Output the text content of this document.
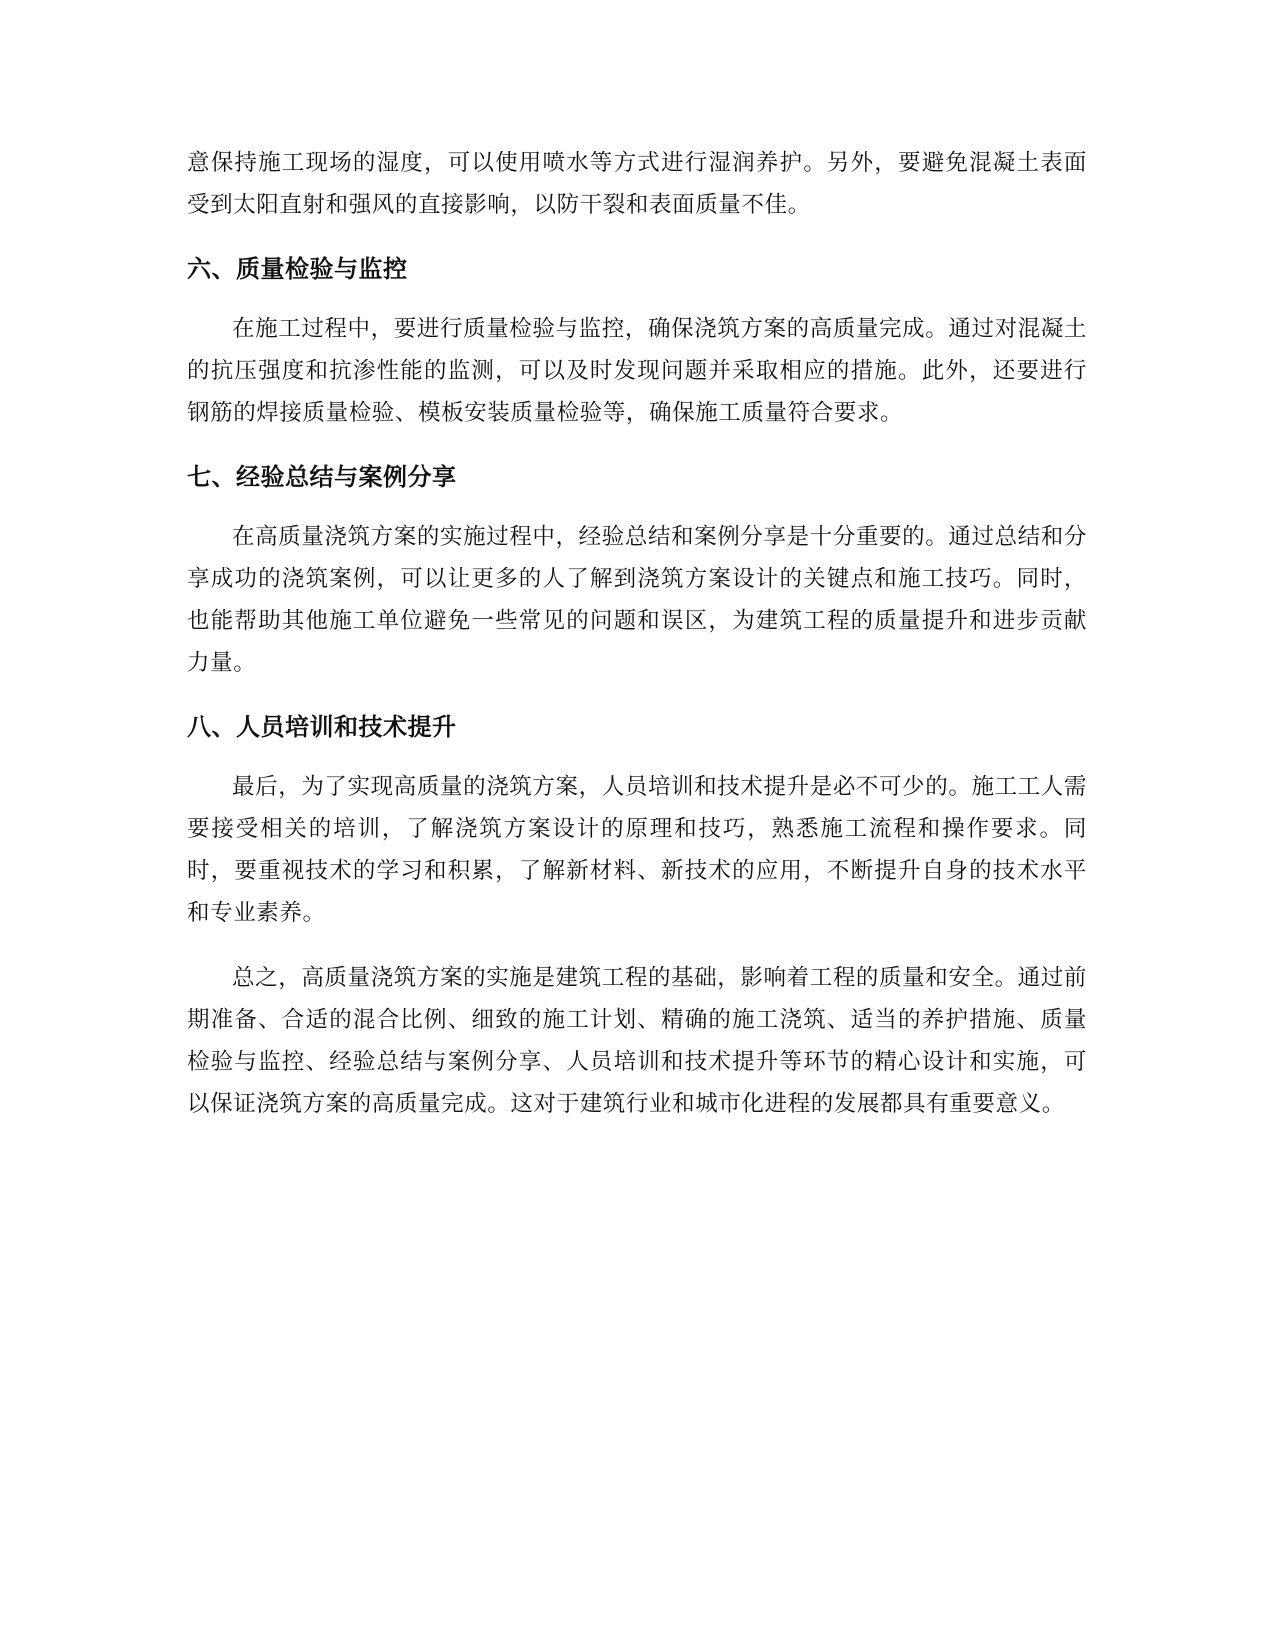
意保持施工现场的湿度，可以使用喷水等方式进行湿润养护。另外，要避免混凝土表面受到太阳直射和强风的直接影响，以防干裂和表面质量不佳。

六、质量检验与监控

在施工过程中，要进行质量检验与监控，确保浇筑方案的高质量完成。通过对混凝土的抗压强度和抗渗性能的监测，可以及时发现问题并采取相应的措施。此外，还要进行钢筋的焊接质量检验、模板安装质量检验等，确保施工质量符合要求。

七、经验总结与案例分享

在高质量浇筑方案的实施过程中，经验总结和案例分享是十分重要的。通过总结和分享成功的浇筑案例，可以让更多的人了解到浇筑方案设计的关键点和施工技巧。同时，也能帮助其他施工单位避免一些常见的问题和误区，为建筑工程的质量提升和进步贡献力量。

八、人员培训和技术提升

最后，为了实现高质量的浇筑方案，人员培训和技术提升是必不可少的。施工工人需要接受相关的培训，了解浇筑方案设计的原理和技巧，熟悉施工流程和操作要求。同时，要重视技术的学习和积累，了解新材料、新技术的应用，不断提升自身的技术水平和专业素养。

总之，高质量浇筑方案的实施是建筑工程的基础，影响着工程的质量和安全。通过前期准备、合适的混合比例、细致的施工计划、精确的施工浇筑、适当的养护措施、质量检验与监控、经验总结与案例分享、人员培训和技术提升等环节的精心设计和实施，可以保证浇筑方案的高质量完成。这对于建筑行业和城市化进程的发展都具有重要意义。
